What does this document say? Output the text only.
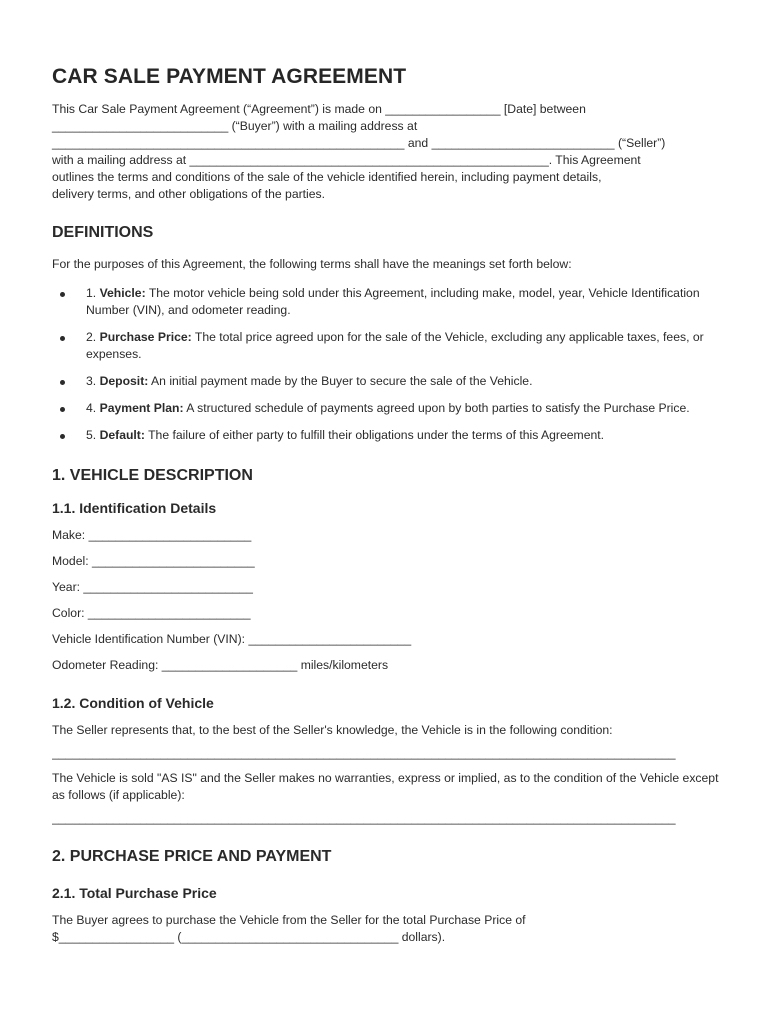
CAR SALE PAYMENT AGREEMENT

This Car Sale Payment Agreement (“Agreement”) is made on _________________ [Date] between

__________________________ (“Buyer”) with a mailing address at

____________________________________________________ and ___________________________ (“Seller”)

with a mailing address at _____________________________________________________. This Agreement

outlines the terms and conditions of the sale of the vehicle identified herein, including payment details,

delivery terms, and other obligations of the parties.

DEFINITIONS

For the purposes of this Agreement, the following terms shall have the meanings set forth below:

1. Vehicle: The motor vehicle being sold under this Agreement, including make, model, year, Vehicle Identification Number (VIN), and odometer reading.
2. Purchase Price: The total price agreed upon for the sale of the Vehicle, excluding any applicable taxes, fees, or expenses.
3. Deposit: An initial payment made by the Buyer to secure the sale of the Vehicle.
4. Payment Plan: A structured schedule of payments agreed upon by both parties to satisfy the Purchase Price.
5. Default: The failure of either party to fulfill their obligations under the terms of this Agreement.
1. VEHICLE DESCRIPTION
1.1. Identification Details
Make: ________________________
Model: ________________________
Year: _________________________
Color: ________________________
Vehicle Identification Number (VIN): ________________________
Odometer Reading: ____________________ miles/kilometers
1.2. Condition of Vehicle

The Seller represents that, to the best of the Seller's knowledge, the Vehicle is in the following condition:

____________________________________________________________________________________________

The Vehicle is sold "AS IS" and the Seller makes no warranties, express or implied, as to the condition of the Vehicle except as follows (if applicable):

____________________________________________________________________________________________
2. PURCHASE PRICE AND PAYMENT
2.1. Total Purchase Price

The Buyer agrees to purchase the Vehicle from the Seller for the total Purchase Price of

$_________________ (________________________________ dollars).
